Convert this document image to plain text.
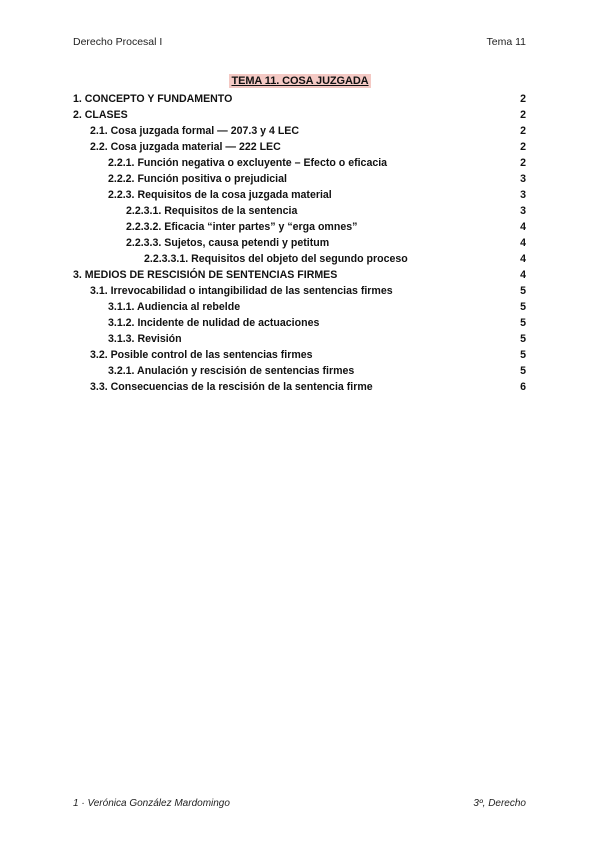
Derecho Procesal I	Tema 11
TEMA 11. COSA JUZGADA
1. CONCEPTO Y FUNDAMENTO	2
2. CLASES	2
2.1. Cosa juzgada formal — 207.3 y 4 LEC	2
2.2. Cosa juzgada material — 222 LEC	2
2.2.1. Función negativa o excluyente – Efecto o eficacia	2
2.2.2. Función positiva o prejudicial	3
2.2.3. Requisitos de la cosa juzgada material	3
2.2.3.1. Requisitos de la sentencia	3
2.2.3.2. Eficacia “inter partes” y “erga omnes”	4
2.2.3.3. Sujetos, causa petendi y petitum	4
2.2.3.3.1. Requisitos del objeto del segundo proceso	4
3. MEDIOS DE RESCISIÓN DE SENTENCIAS FIRMES	4
3.1. Irrevocabilidad o intangibilidad de las sentencias firmes	5
3.1.1. Audiencia al rebelde	5
3.1.2. Incidente de nulidad de actuaciones	5
3.1.3. Revisión	5
3.2. Posible control de las sentencias firmes	5
3.2.1. Anulación y rescisión de sentencias firmes	5
3.3. Consecuencias de la rescisión de la sentencia firme	6
1 · Verónica González Mardomingo	3º, Derecho
